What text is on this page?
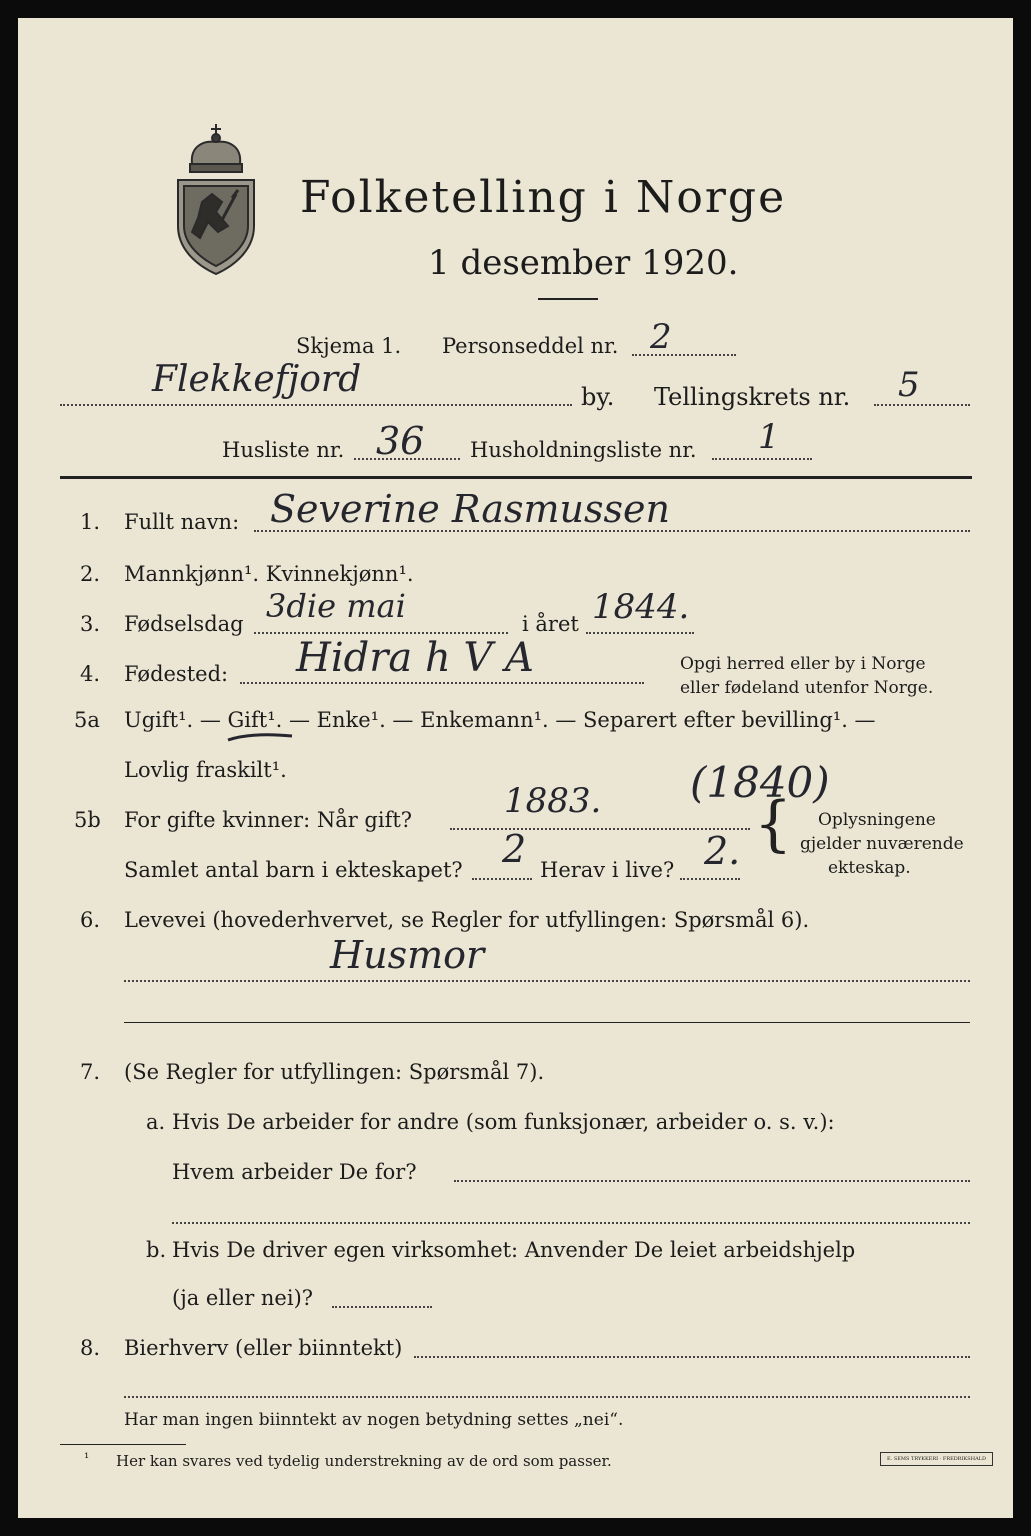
Folketelling i Norge
1 desember 1920.
Skjema 1. Personseddel nr. 2
Flekkefjord	by. Tellingskrets nr. 5
Husliste nr. 36 Husholdningsliste nr. 1
1. Fullt navn: Severine Rasmussen
2. Mannkjønn¹. Kvinnekjønn¹.
3. Fødselsdag 3die mai	i året 1844.
4. Fødested: Hidra h V A	Opgi herred eller by i Norge
eller fødeland utenfor Norge.
5a Ugift¹. — Gift¹. — Enke¹. — Enkemann¹. — Separert efter bevilling¹. —
Lovlig fraskilt¹.
5b For gifte kvinner: Når gift?	1883. (1840)
{ Oplysningene
gjelder nuværende
ekteskap.
Samlet antal barn i ekteskapet? 2 Herav i live? 2.
6. Levevei (hovederhvervet, se Regler for utfyllingen: Spørsmål 6).
Husmor
7. (Se Regler for utfyllingen: Spørsmål 7).
a. Hvis De arbeider for andre (som funksjonær, arbeider o. s. v.):
Hvem arbeider De for?
b. Hvis De driver egen virksomhet: Anvender De leiet arbeidshjelp
(ja eller nei)?
8. Bierhverv (eller biinntekt)
Har man ingen biinntekt av nogen betydning settes „nei“.
¹ Her kan svares ved tydelig understrekning av de ord som passer.	E. SEMS TRYKKERI · FREDRIKSHALD
